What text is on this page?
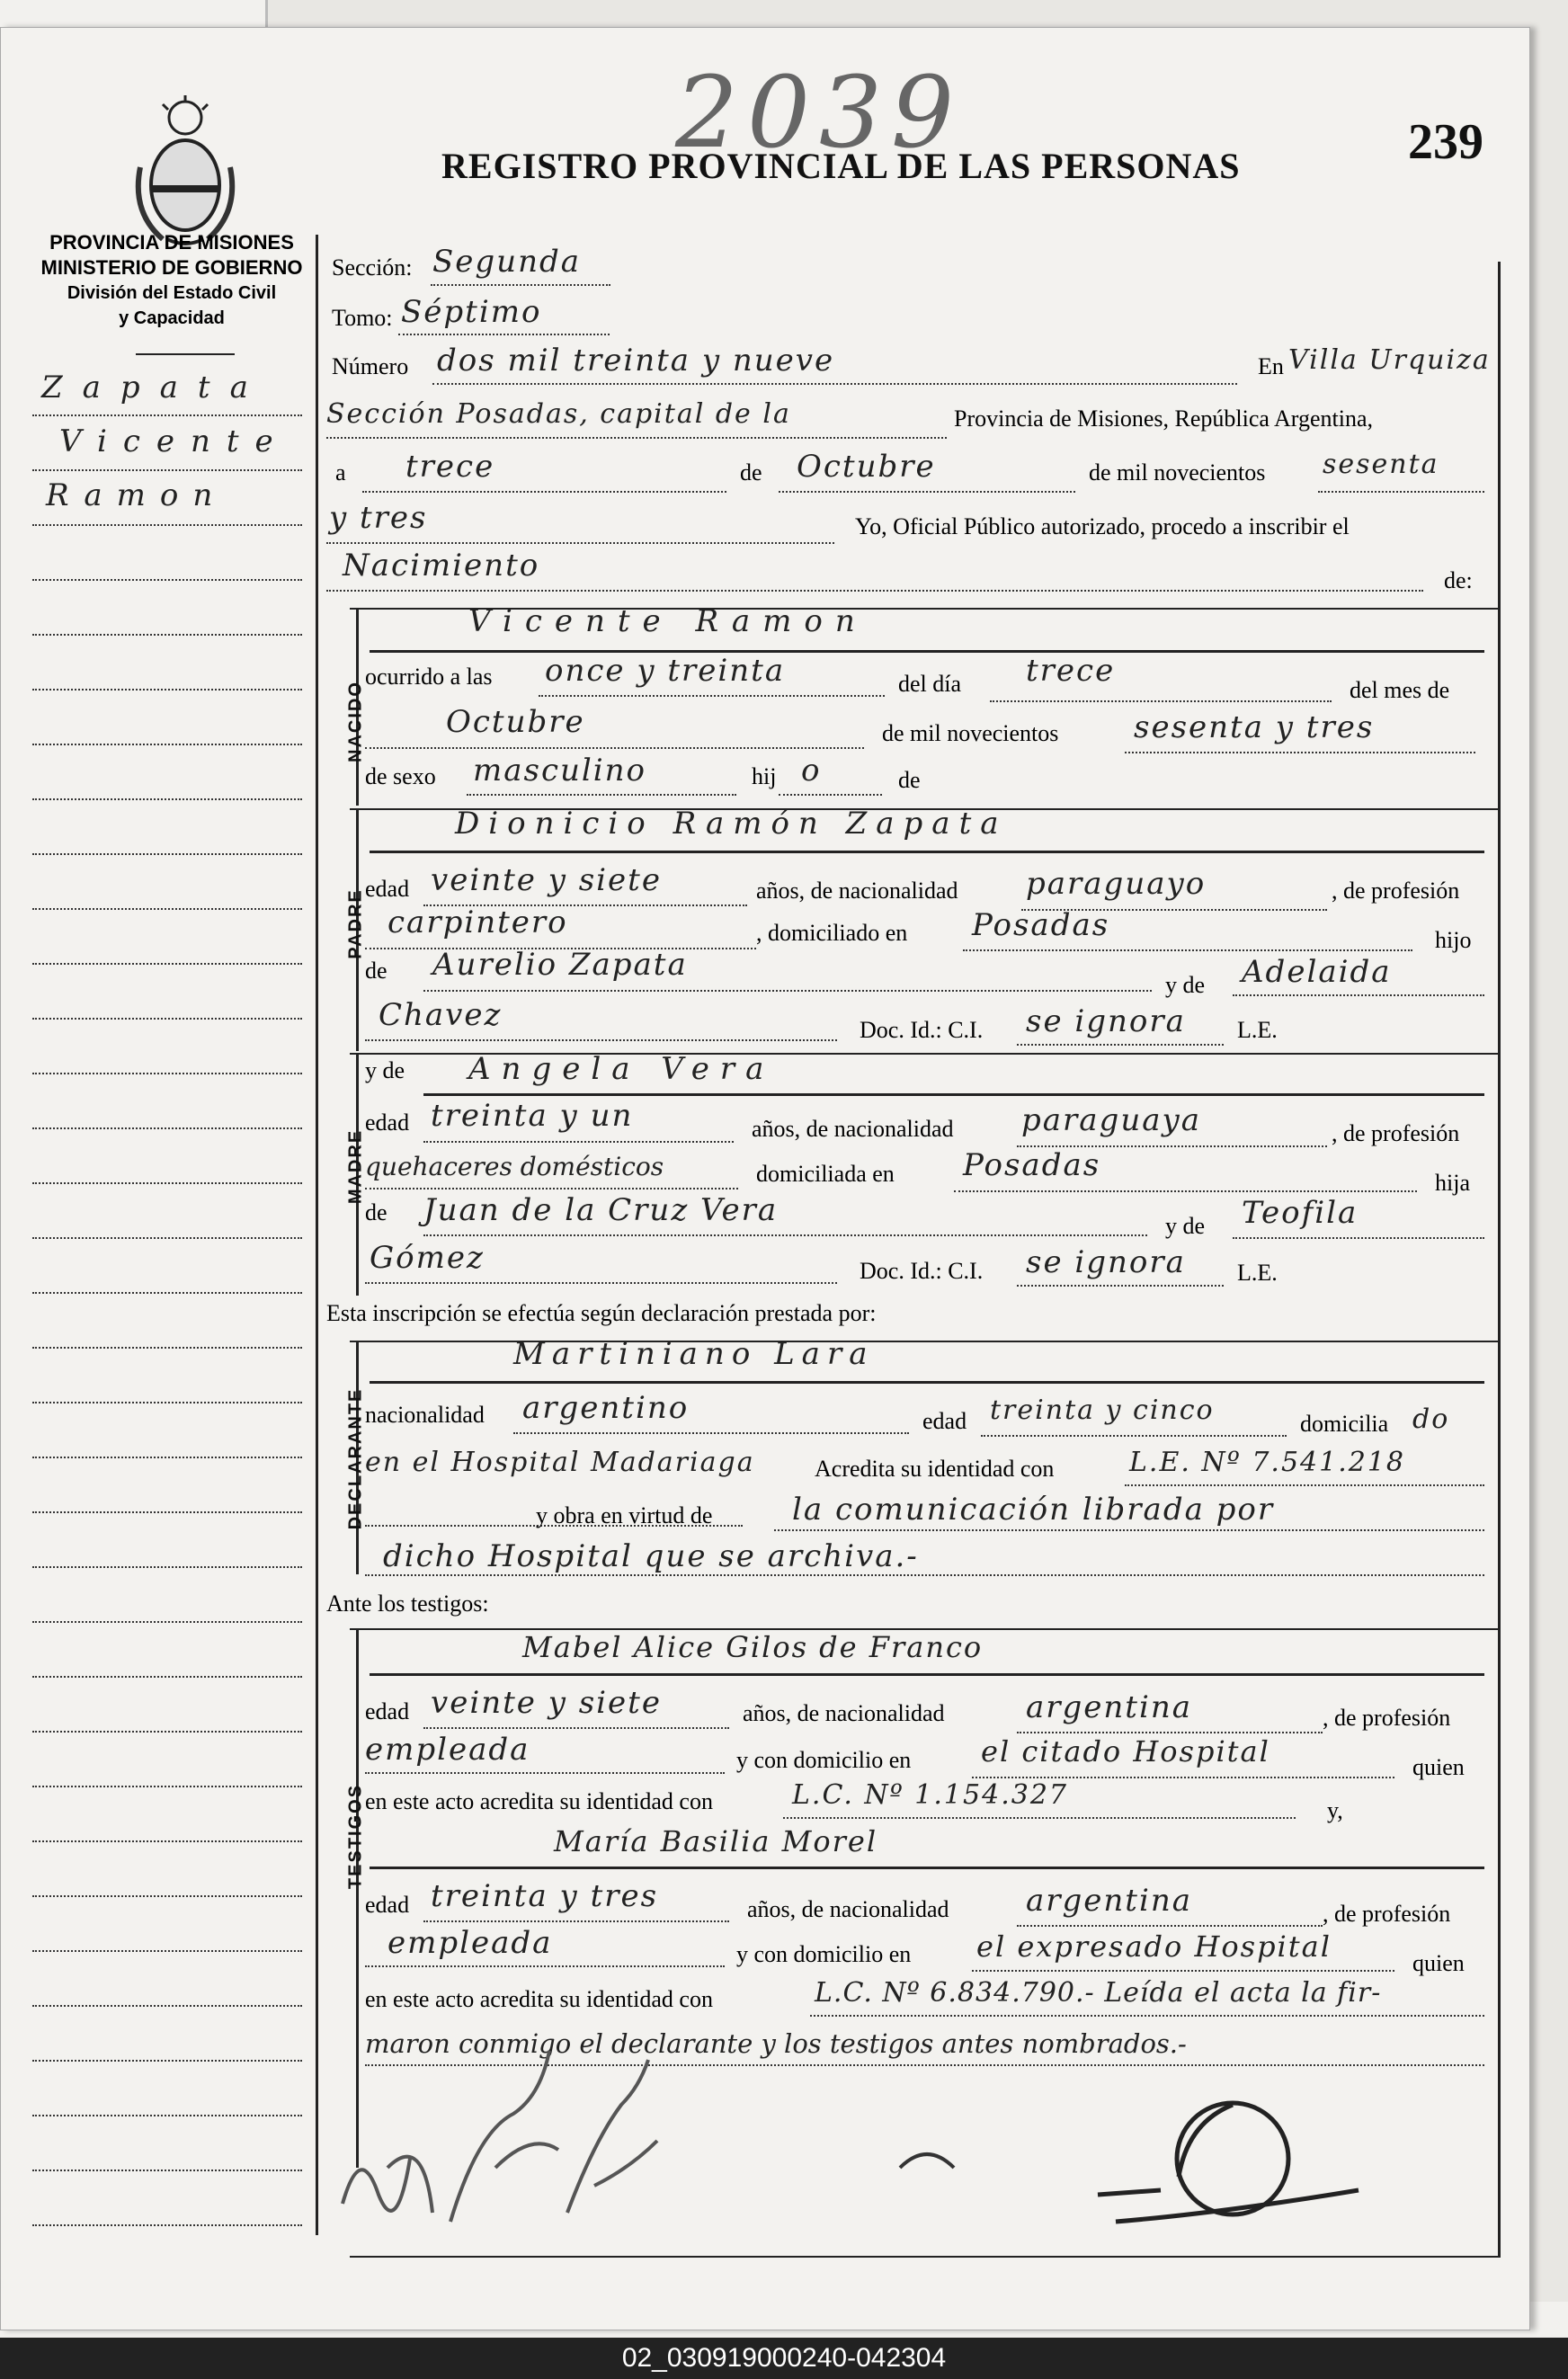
2039	239
REGISTRO PROVINCIAL DE LAS PERSONAS
PROVINCIA DE MISIONES
MINISTERIO DE GOBIERNO
División del Estado Civil
y Capacidad
Zapata
Vicente
Ramon
Sección: Segunda
Tomo: Séptimo
Número dos mil treinta y nueve	En Villa Urquiza
Sección Posadas, capital de la	Provincia de Misiones, República Argentina,
a trece	de Octubre	de mil novecientos sesenta
y tres	Yo, Oficial Público autorizado, procedo a inscribir el
Nacimiento	de:
NACIDO
Vicente Ramon
ocurrido a las once y treinta	del día trece
del mes de
Octubre	de mil novecientos sesenta y tres
de sexo masculino	hij o	de
PADRE
Dionicio Ramón Zapata
edad veinte y siete	años, de nacionalidad paraguayo	, de profesión
carpintero	, domiciliado en Posadas	hijo
de Aurelio Zapata
y de Adelaida
Chavez	Doc. Id.: C.I. se ignora L.E.
MADRE
y de Angela Vera
edad treinta y un	años, de nacionalidad paraguaya	, de profesión
quehaceres domésticos	domiciliada en Posadas	hija
de Juan de la Cruz Vera	y de Teofila
Gómez	Doc. Id.: C.I. se ignora L.E.
Esta inscripción se efectúa según declaración prestada por:
DECLARANTE
Martiniano Lara
nacionalidad argentino	edad treinta y cinco	domicilia do
en el Hospital Madariaga	Acredita su identidad con	L.E. Nº 7.541.218
y obra en virtud de	la comunicación librada por
dicho Hospital que se archiva.-
Ante los testigos:
TESTIGOS
Mabel Alice Gilos de Franco
edad veinte y siete	años, de nacionalidad	argentina	, de profesión
empleada	y con domicilio en el citado Hospital	quien
en este acto acredita su identidad con	L.C. Nº 1.154.327	y,
María Basilia Morel
edad treinta y tres	años, de nacionalidad	argentina	, de profesión
empleada	y con domicilio en el expresado Hospital	quien
en este acto acredita su identidad con	L.C. Nº 6.834.790.- Leída el acta la fir-
maron conmigo el declarante y los testigos antes nombrados.-
02_030919000240-042304
